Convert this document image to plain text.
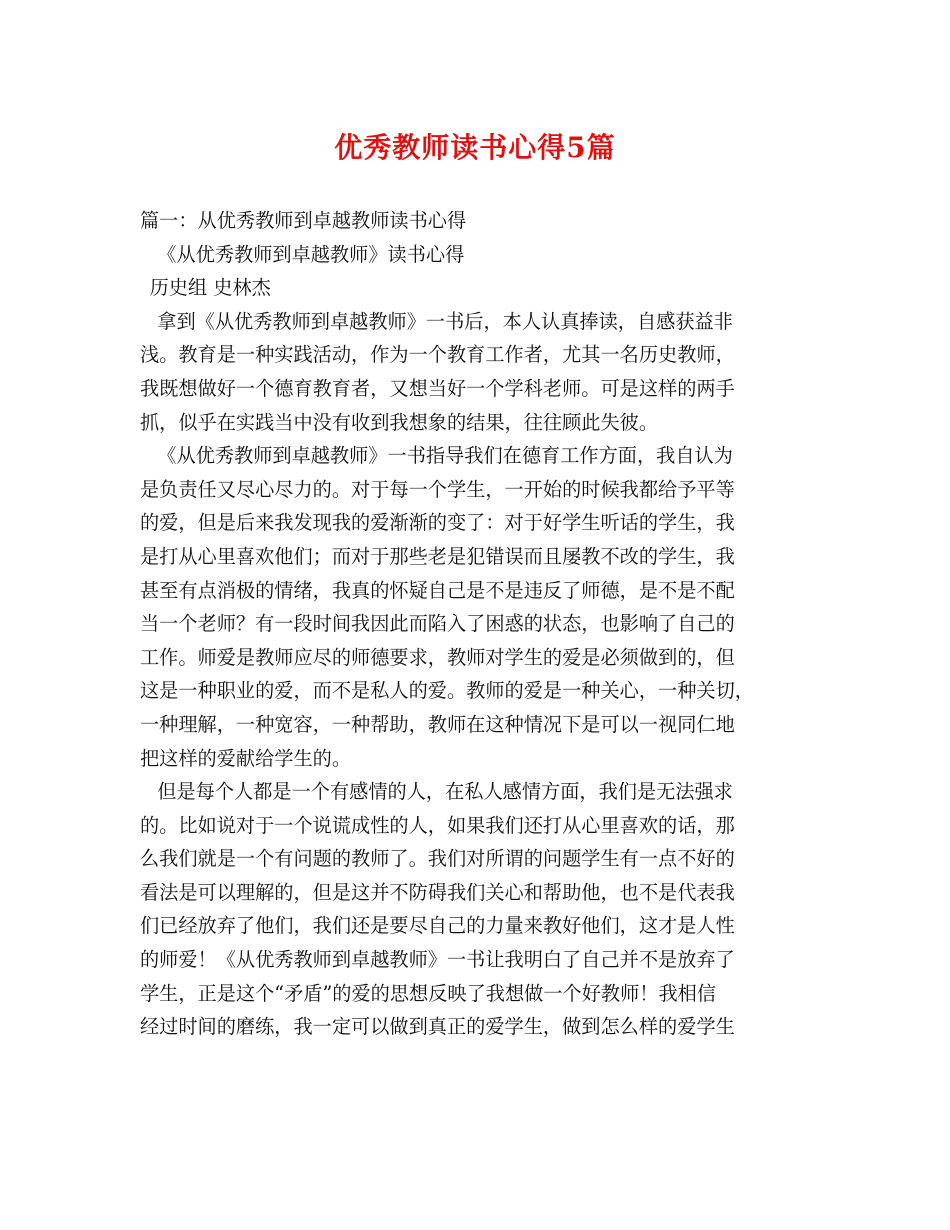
优秀教师读书心得5篇
篇一：从优秀教师到卓越教师读书心得
《从优秀教师到卓越教师》读书心得
历史组 史林杰
拿到《从优秀教师到卓越教师》一书后，本人认真捧读，自感获益非
浅。教育是一种实践活动，作为一个教育工作者，尤其一名历史教师，
我既想做好一个德育教育者，又想当好一个学科老师。可是这样的两手
抓，似乎在实践当中没有收到我想象的结果，往往顾此失彼。
《从优秀教师到卓越教师》一书指导我们在德育工作方面，我自认为
是负责任又尽心尽力的。对于每一个学生，一开始的时候我都给予平等
的爱，但是后来我发现我的爱渐渐的变了：对于好学生听话的学生，我
是打从心里喜欢他们；而对于那些老是犯错误而且屡教不改的学生，我
甚至有点消极的情绪，我真的怀疑自己是不是违反了师德，是不是不配
当一个老师？有一段时间我因此而陷入了困惑的状态，也影响了自己的
工作。师爱是教师应尽的师德要求，教师对学生的爱是必须做到的，但
这是一种职业的爱，而不是私人的爱。教师的爱是一种关心，一种关切，
一种理解，一种宽容，一种帮助，教师在这种情况下是可以一视同仁地
把这样的爱献给学生的。
但是每个人都是一个有感情的人，在私人感情方面，我们是无法强求
的。比如说对于一个说谎成性的人，如果我们还打从心里喜欢的话，那
么我们就是一个有问题的教师了。我们对所谓的问题学生有一点不好的
看法是可以理解的，但是这并不防碍我们关心和帮助他，也不是代表我
们已经放弃了他们，我们还是要尽自己的力量来教好他们，这才是人性
的师爱！《从优秀教师到卓越教师》一书让我明白了自己并不是放弃了
学生，正是这个“矛盾”的爱的思想反映了我想做一个好教师！我相信
经过时间的磨练，我一定可以做到真正的爱学生，做到怎么样的爱学生
